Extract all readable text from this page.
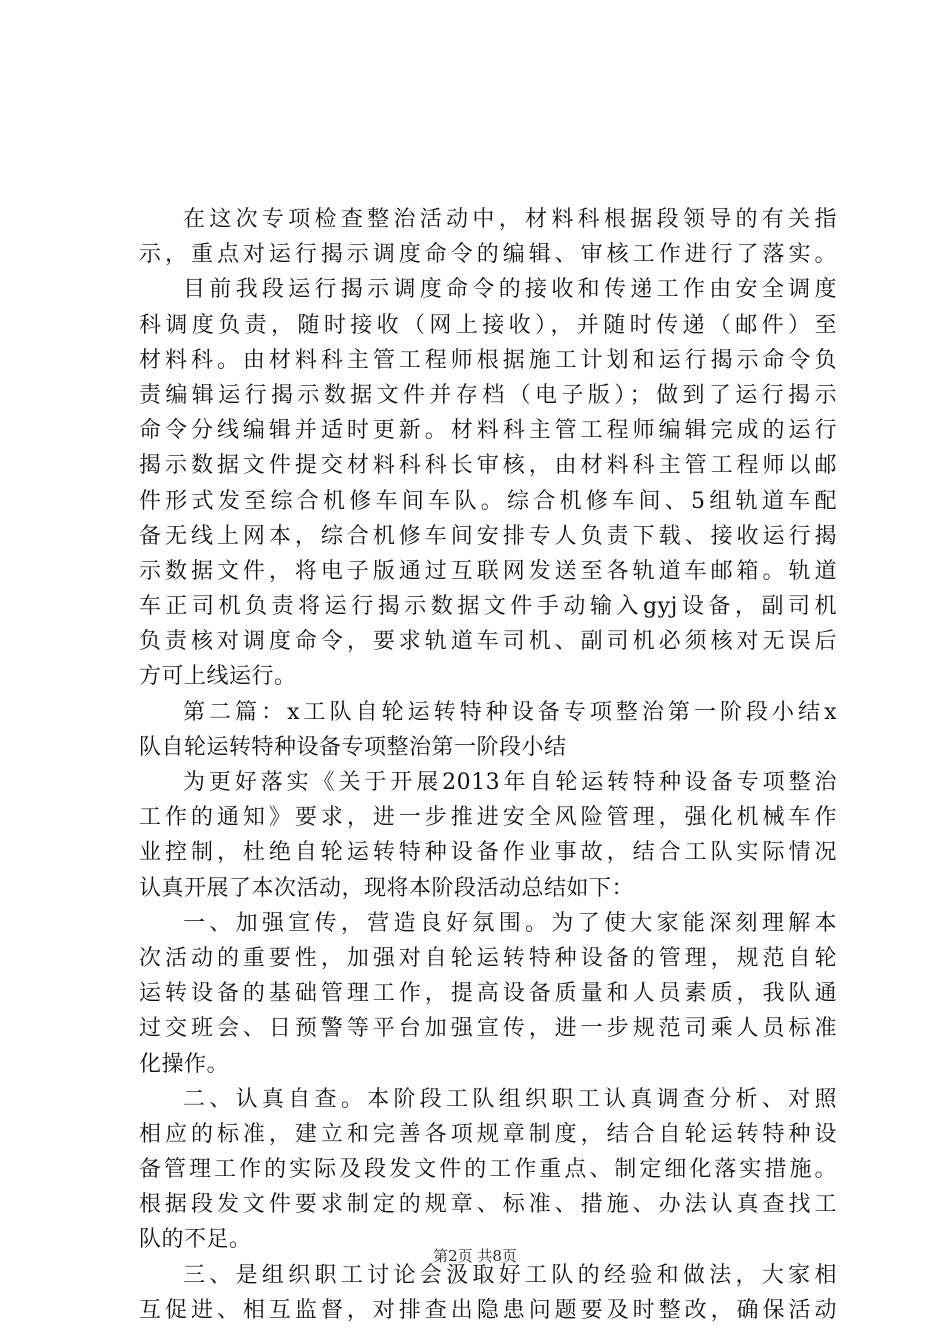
在这次专项检查整治活动中，材料科根据段领导的有关指
示，重点对运行揭示调度命令的编辑、审核工作进行了落实。
目前我段运行揭示调度命令的接收和传递工作由安全调度
科调度负责，随时接收（网上接收），并随时传递（邮件）至
材料科。由材料科主管工程师根据施工计划和运行揭示命令负
责编辑运行揭示数据文件并存档（电子版）；做到了运行揭示
命令分线编辑并适时更新。材料科主管工程师编辑完成的运行
揭示数据文件提交材料科科长审核，由材料科主管工程师以邮
件形式发至综合机修车间车队。综合机修车间、5组轨道车配
备无线上网本，综合机修车间安排专人负责下载、接收运行揭
示数据文件，将电子版通过互联网发送至各轨道车邮箱。轨道
车正司机负责将运行揭示数据文件手动输入gyj设备，副司机
负责核对调度命令，要求轨道车司机、副司机必须核对无误后
方可上线运行。
第二篇：x工队自轮运转特种设备专项整治第一阶段小结x
队自轮运转特种设备专项整治第一阶段小结
为更好落实《关于开展2013年自轮运转特种设备专项整治
工作的通知》要求，进一步推进安全风险管理，强化机械车作
业控制，杜绝自轮运转特种设备作业事故，结合工队实际情况
认真开展了本次活动，现将本阶段活动总结如下：
一、加强宣传，营造良好氛围。为了使大家能深刻理解本
次活动的重要性，加强对自轮运转特种设备的管理，规范自轮
运转设备的基础管理工作，提高设备质量和人员素质，我队通
过交班会、日预警等平台加强宣传，进一步规范司乘人员标准
化操作。
二、认真自查。本阶段工队组织职工认真调查分析、对照
相应的标准，建立和完善各项规章制度，结合自轮运转特种设
备管理工作的实际及段发文件的工作重点、制定细化落实措施。
根据段发文件要求制定的规章、标准、措施、办法认真查找工
队的不足。
三、是组织职工讨论会汲取好工队的经验和做法，大家相
互促进、相互监督，对排查出隐患问题要及时整改，确保活动
第2页 共8页
